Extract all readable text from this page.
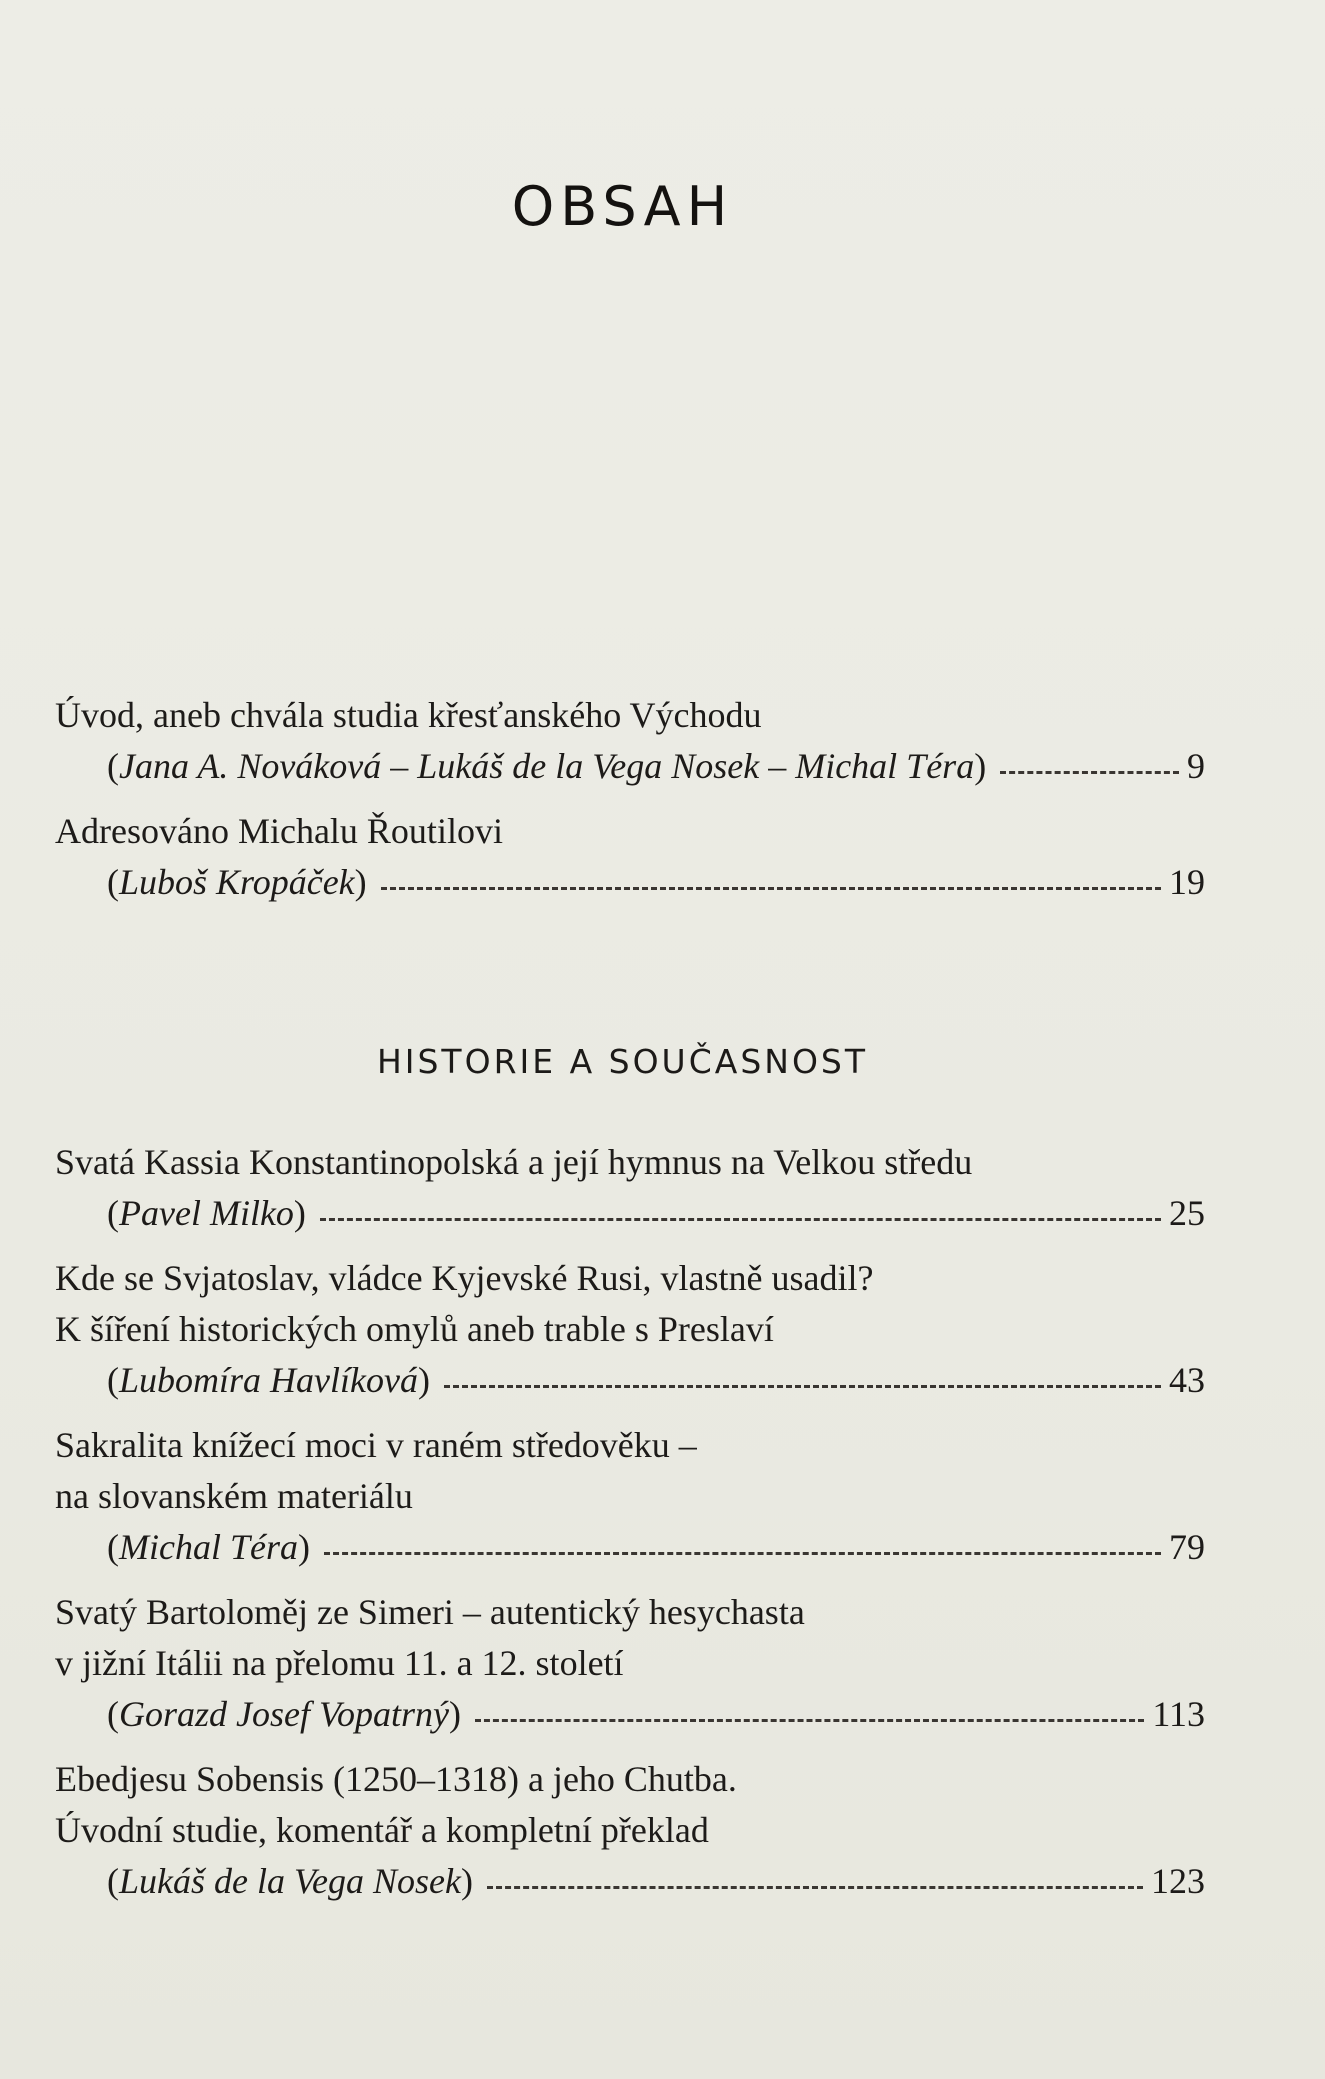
OBSAH
Úvod, aneb chvála studia křesťanského Východu
( Jana A. Nováková – Lukáš de la Vega Nosek – Michal Téra )	9
Adresováno Michalu Řoutilovi
( Luboš Kropáček )	19
HISTORIE A SOUČASNOST
Svatá Kassia Konstantinopolská a její hymnus na Velkou středu
( Pavel Milko )	25
Kde se Svjatoslav, vládce Kyjevské Rusi, vlastně usadil?
K šíření historických omylů aneb trable s Preslaví
( Lubomíra Havlíková )	43
Sakralita knížecí moci v raném středověku –
na slovanském materiálu
( Michal Téra )	79
Svatý Bartoloměj ze Simeri – autentický hesychasta
v jižní Itálii na přelomu 11. a 12. století
( Gorazd Josef Vopatrný )	113
Ebedjesu Sobensis (1250–1318) a jeho Chutba.
Úvodní studie, komentář a kompletní překlad
( Lukáš de la Vega Nosek )	123
